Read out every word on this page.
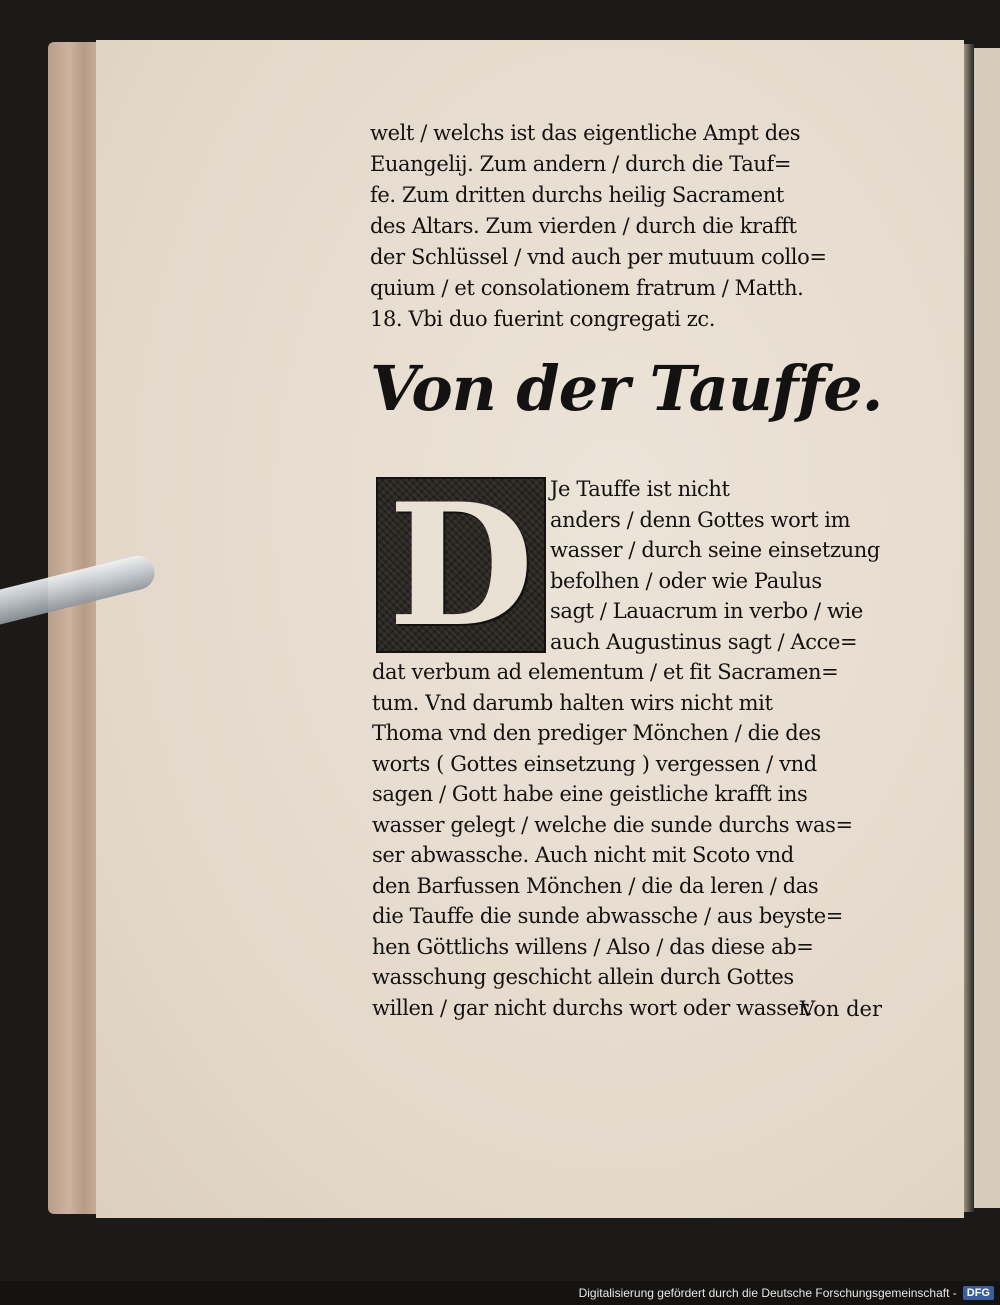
welt / welchs ist das eigentliche Ampt des

Euangelij. Zum andern / durch die Tauf=

fe. Zum dritten durchs heilig Sacrament

des Altars. Zum vierden / durch die krafft

der Schlüssel / vnd auch per mutuum collo=

quium / et consolationem fratrum / Matth.

18. Vbi duo fuerint congregati zc.

Von der Tauffe.
D Je Tauffe ist nicht

anders / denn Gottes wort im

wasser / durch seine einsetzung

befolhen / oder wie Paulus

sagt / Lauacrum in verbo / wie

auch Augustinus sagt / Acce=

dat verbum ad elementum / et fit Sacramen=

tum. Vnd darumb halten wirs nicht mit

Thoma vnd den prediger Mönchen / die des

worts ( Gottes einsetzung ) vergessen / vnd

sagen / Gott habe eine geistliche krafft ins

wasser gelegt / welche die sunde durchs was=

ser abwassche. Auch nicht mit Scoto vnd

den Barfussen Mönchen / die da leren / das

die Tauffe die sunde abwassche / aus beyste=

hen Göttlichs willens / Also / das diese ab=

wasschung geschicht allein durch Gottes

willen / gar nicht durchs wort oder wasser.

Von der
Digitalisierung gefördert durch die Deutsche Forschungsgemeinschaft - DFG
